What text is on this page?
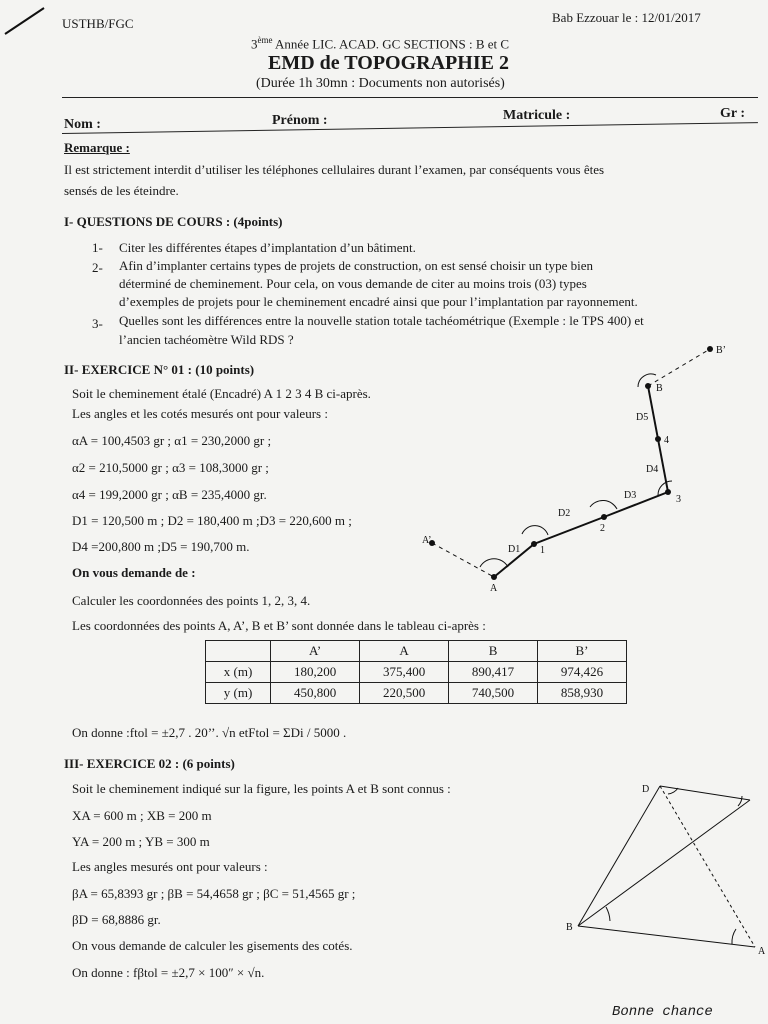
USTHB/FGC	Bab Ezzouar le : 12/01/2017
3ème Année LIC. ACAD. GC SECTIONS : B et C
EMD de TOPOGRAPHIE 2
(Durée 1h 30mn : Documents non autorisés)
Nom :	Prénom :	Matricule :	Gr :
Remarque :
Il est strictement interdit d’utiliser les téléphones cellulaires durant l’examen, par conséquents vous êtes
sensés de les éteindre.
I- QUESTIONS DE COURS : (4points)
1- Citer les différentes étapes d’implantation d’un bâtiment.
2- Afin d’implanter certains types de projets de construction, on est sensé choisir un type bien
déterminé de cheminement. Pour cela, on vous demande de citer au moins trois (03) types
d’exemples de projets pour le cheminement encadré ainsi que pour l’implantation par rayonnement.
3- Quelles sont les différences entre la nouvelle station totale tachéométrique (Exemple : le TPS 400) et
l’ancien tachéomètre Wild RDS ?
II- EXERCICE N° 01 : (10 points)
Soit le cheminement étalé (Encadré) A 1 2 3 4 B ci-après.
Les angles et les cotés mesurés ont pour valeurs :
αA = 100,4503 gr ; α1 = 230,2000 gr ;
α2 = 210,5000 gr ; α3 = 108,3000 gr ;
α4 = 199,2000 gr ; αB = 235,4000 gr.
D1 = 120,500 m ; D2 = 180,400 m ;D3 = 220,600 m ;
D4 =200,800 m ;D5 = 190,700 m.
On vous demande de :
Calculer les coordonnées des points 1, 2, 3, 4.
Les coordonnées des points A, A’, B et B’ sont donnée dans le tableau ci-après :
	A’	A	B	B’
x (m)	180,200	375,400	890,417	974,426
y (m)	450,800	220,500	740,500	858,930
On donne :ftol = ±2,7 . 20’’. √n etFtol = ΣDi / 5000 .
III- EXERCICE 02 : (6 points)
Soit le cheminement indiqué sur la figure, les points A et B sont connus :
XA = 600 m ; XB = 200 m
YA = 200 m ; YB = 300 m
Les angles mesurés ont pour valeurs :
βA = 65,8393 gr ; βB = 54,4658 gr ; βC = 51,4565 gr ;
βD = 68,8886 gr.
On vous demande de calculer les gisements des cotés.
On donne : fβtol = ±2,7 × 100″ × √n.
Bonne chance
A’
A
D1 1
D2
2
D3	3
D4
4
D5
B
B’
D
B
A
